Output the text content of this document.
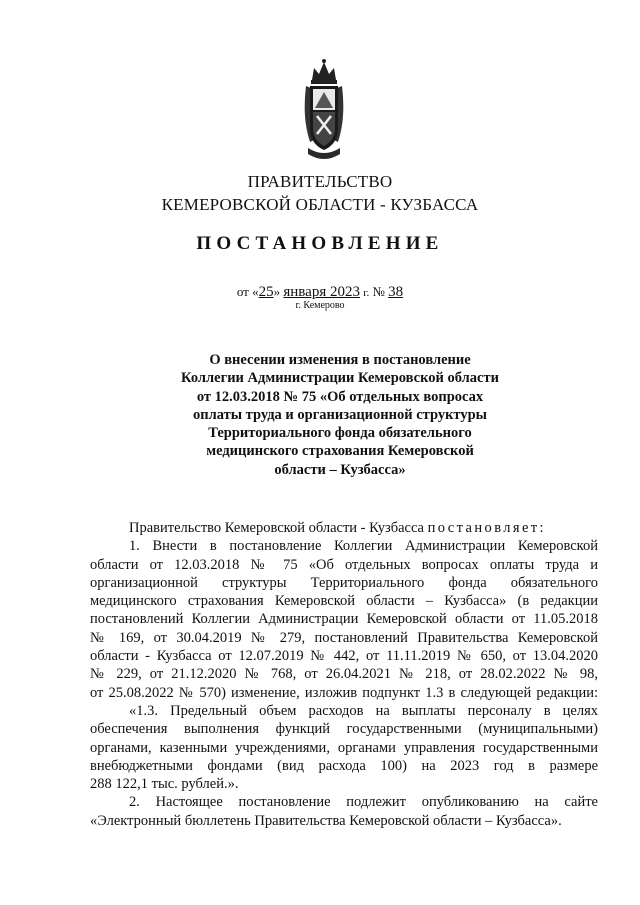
ПРАВИТЕЛЬСТВО
КЕМЕРОВСКОЙ ОБЛАСТИ - КУЗБАССА
ПОСТАНОВЛЕНИЕ
от «25» января 2023 г. № 38
г. Кемерово
О внесении изменения в постановление
Коллегии Администрации Кемеровской области
от 12.03.2018 № 75 «Об отдельных вопросах
оплаты труда и организационной структуры
Территориального фонда обязательного
медицинского страхования Кемеровской
области – Кузбасса»
Правительство Кемеровской области - Кузбасса постановляет:
1. Внести в постановление Коллегии Администрации Кемеровской
области от 12.03.2018 № 75 «Об отдельных вопросах оплаты труда и
организационной структуры Территориального фонда обязательного
медицинского страхования Кемеровской области – Кузбасса» (в редакции
постановлений Коллегии Администрации Кемеровской области от 11.05.2018
№ 169, от 30.04.2019 № 279, постановлений Правительства Кемеровской
области - Кузбасса от 12.07.2019 № 442, от 11.11.2019 № 650, от 13.04.2020
№ 229, от 21.12.2020 № 768, от 26.04.2021 № 218, от 28.02.2022 № 98,
от 25.08.2022 № 570) изменение, изложив подпункт 1.3 в следующей редакции:
«1.3. Предельный объем расходов на выплаты персоналу в целях
обеспечения выполнения функций государственными (муниципальными)
органами, казенными учреждениями, органами управления государственными
внебюджетными фондами (вид расхода 100) на 2023 год в размере
288 122,1 тыс. рублей.».
2. Настоящее постановление подлежит опубликованию на сайте
«Электронный бюллетень Правительства Кемеровской области – Кузбасса».
